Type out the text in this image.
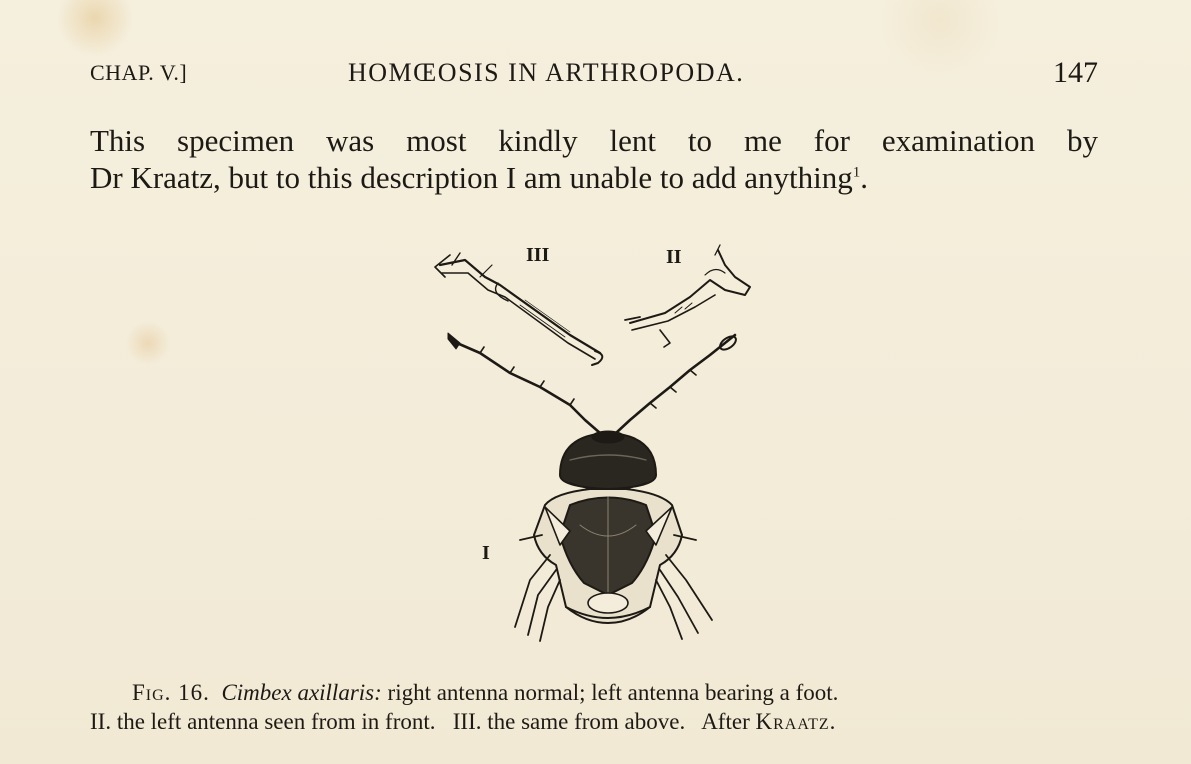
CHAP. V.]	HOMŒOSIS IN ARTHROPODA.	147
This specimen was most kindly lent to me for examination by
Dr Kraatz, but to this description I am unable to add anything$^1$.
III	II
I
Fig. 16. Cimbex axillaris: right antenna normal; left antenna bearing a foot.
II. the left antenna seen from in front.   III. the same from above.   After Kraatz.
